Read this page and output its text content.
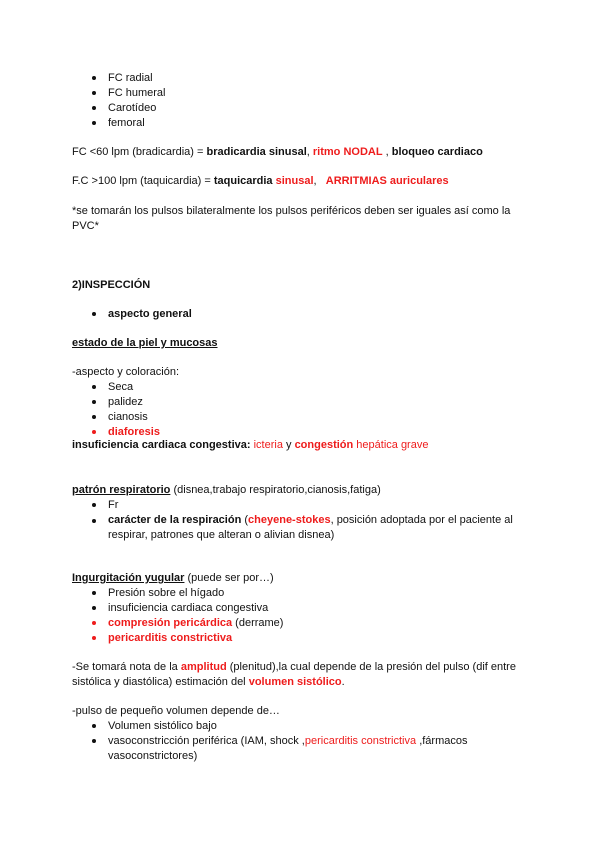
FC radial
FC humeral
Carotídeo
femoral
FC <60 lpm (bradicardia) = bradicardia sinusal, ritmo NODAL , bloqueo cardiaco
F.C >100 lpm (taquicardia) = taquicardia sinusal, ARRITMIAS auriculares
*se tomarán los pulsos bilateralmente los pulsos periféricos deben ser iguales así como la
PVC*
2)INSPECCIÓN
aspecto general
estado de la piel y mucosas
-aspecto y coloración:
Seca
palidez
cianosis
diaforesis
insuficiencia cardiaca congestiva: icteria y congestión hepática grave
patrón respiratorio (disnea,trabajo respiratorio,cianosis,fatiga)
Fr
carácter de la respiración (cheyene-stokes, posición adoptada por el paciente al
respirar, patrones que alteran o alivian disnea)
Ingurgitación yugular (puede ser por…)
Presión sobre el hígado
insuficiencia cardiaca congestiva
compresión pericárdica (derrame)
pericarditis constrictiva
-Se tomará nota de la amplitud (plenitud),la cual depende de la presión del pulso (dif entre
sistólica y diastólica) estimación del volumen sistólico.
-pulso de pequeño volumen depende de…
Volumen sistólico bajo
vasoconstricción periférica (IAM, shock ,pericarditis constrictiva ,fármacos
vasoconstrictores)
